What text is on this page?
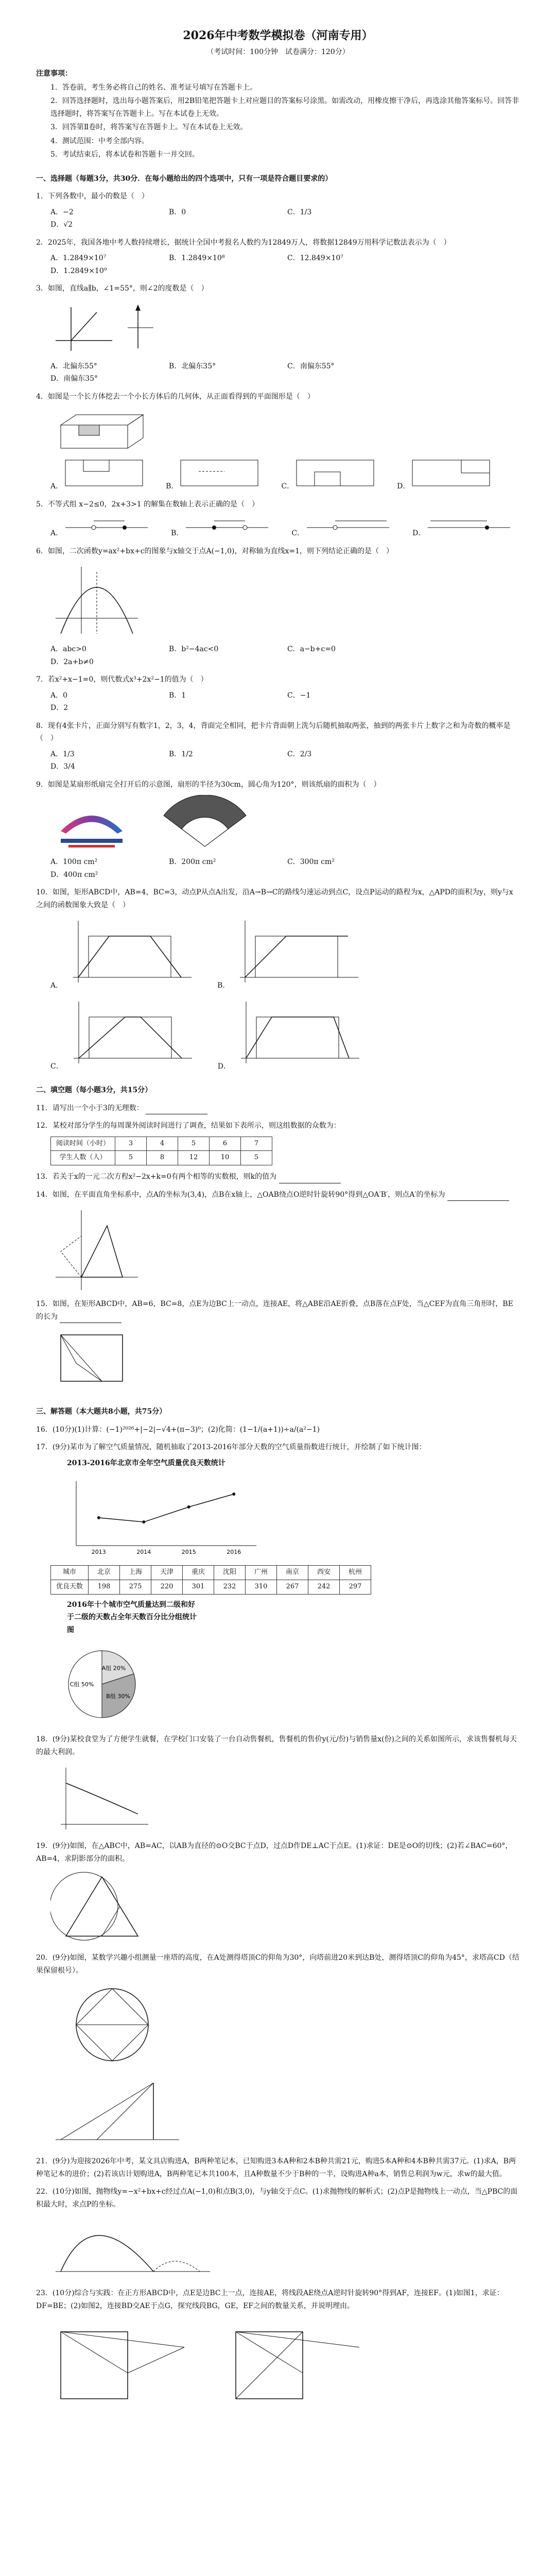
2026年中考数学模拟卷（河南专用）
（考试时间：100分钟　试卷满分：120分）
注意事项：

1．答卷前，考生务必将自己的姓名、准考证号填写在答题卡上。

2．回答选择题时，选出每小题答案后，用2B铅笔把答题卡上对应题目的答案标号涂黑。如需改动，用橡皮擦干净后，再选涂其他答案标号。回答非选择题时，将答案写在答题卡上。写在本试卷上无效。

3．回答第Ⅱ卷时，将答案写在答题卡上。写在本试卷上无效。

4．测试范围：中考全部内容。

5．考试结束后，将本试卷和答题卡一并交回。

一、选择题（每题3分，共30分．在每小题给出的四个选项中，只有一项是符合题目要求的）
1．下列各数中，最小的数是（　）
A．−2	B．0	C．1/3
D．√2
2．2025年，我国各地中考人数持续增长，据统计全国中考报名人数约为12849万人，将数据12849万用科学记数法表示为（　）
A．1.2849×10⁷	B．1.2849×10⁸	C．12.849×10⁷
D．1.2849×10⁹
3．如图，直线a∥b，∠1=55°，则∠2的度数是（　）
A．北偏东55°	B．北偏东35°	C．南偏东55°
D．南偏东35°
4．如图是一个长方体挖去一个小长方体后的几何体，从正面看得到的平面图形是（　）
A．	B．	C．	D．
5．不等式组 x−2≤0，2x+3>1 的解集在数轴上表示正确的是（　）
A．	B．	C．	D．
6．如图，二次函数y=ax²+bx+c的图象与x轴交于点A(−1,0)，对称轴为直线x=1，则下列结论正确的是（　）
A．abc>0	B．b²−4ac<0	C．a−b+c=0
D．2a+b≠0
7．若x²+x−1=0，则代数式x³+2x²−1的值为（　）
A．0	B．1	C．−1
D．2
8．现有4张卡片，正面分别写有数字1，2，3，4，背面完全相同，把卡片背面朝上洗匀后随机抽取两张，抽到的两张卡片上数字之和为奇数的概率是（　）
A．1/3	B．1/2	C．2/3
D．3/4
9．如图是某扇形纸扇完全打开后的示意图，扇形的半径为30cm，圆心角为120°，则该纸扇的面积为（　）
A．100π cm²	B．200π cm²	C．300π cm²
D．400π cm²
10．如图，矩形ABCD中，AB=4，BC=3，动点P从点A出发，沿A→B→C的路线匀速运动到点C，设点P运动的路程为x，△APD的面积为y，则y与x之间的函数图象大致是（　）
A．	B．
C．	D．
二、填空题（每小题3分，共15分）
11．请写出一个小于3的无理数：
12．某校对部分学生的每周课外阅读时间进行了调查，结果如下表所示，则这组数据的众数为：
阅读时间（小时）	3	4	5	6	7
学生人数（人）	5	8	12	10	5
13．若关于x的一元二次方程x²−2x+k=0有两个相等的实数根，则k的值为
14．如图，在平面直角坐标系中，点A的坐标为(3,4)，点B在x轴上，△OAB绕点O逆时针旋转90°得到△OA′B′，则点A′的坐标为
15．如图，在矩形ABCD中，AB=6，BC=8，点E为边BC上一动点，连接AE，将△ABE沿AE折叠，点B落在点F处，当△CEF为直角三角形时，BE的长为
三、解答题（本大题共8小题，共75分）
16．(10分)(1)计算：(−1)²⁰²⁶+|−2|−√4+(π−3)⁰；(2)化简：(1−1/(a+1))÷a/(a²−1)
17．(9分)某市为了解空气质量情况，随机抽取了2013-2016年部分天数的空气质量指数进行统计，并绘制了如下统计图：
2013-2016年北京市全年空气质量优良天数统计
2013	2014	2015	2016
城市	北京	上海	天津	重庆	沈阳	广州	南京	西安	杭州
优良天数	198	275	220	301	232	310	267	242	297
2016年十个城市空气质量达到二级和好于二级的天数占全年天数百分比分组统计图
A组 20%
B组 30%
C组 50%
18．(9分)某校食堂为了方便学生就餐，在学校门口安装了一台自动售餐机，售餐机的售价y(元/份)与销售量x(份)之间的关系如图所示，求该售餐机每天的最大利润。
19．(9分)如图，在△ABC中，AB=AC，以AB为直径的⊙O交BC于点D，过点D作DE⊥AC于点E。(1)求证：DE是⊙O的切线；(2)若∠BAC=60°，AB=4，求阴影部分的面积。
20．(9分)如图，某数学兴趣小组测量一座塔的高度，在A处测得塔顶C的仰角为30°，向塔前进20米到达B处，测得塔顶C的仰角为45°，求塔高CD（结果保留根号）。
21．(9分)为迎接2026年中考，某文具店购进A，B两种笔记本，已知购进3本A种和2本B种共需21元，购进5本A种和4本B种共需37元。(1)求A，B两种笔记本的进价；(2)若该店计划购进A，B两种笔记本共100本，且A种数量不少于B种的一半，设购进A种a本，销售总利润为w元，求w的最大值。
22．(10分)如图，抛物线y=−x²+bx+c经过点A(−1,0)和点B(3,0)，与y轴交于点C。(1)求抛物线的解析式；(2)点P是抛物线上一动点，当△PBC的面积最大时，求点P的坐标。
23．(10分)综合与实践：在正方形ABCD中，点E是边BC上一点，连接AE，将线段AE绕点A逆时针旋转90°得到AF，连接EF。(1)如图1，求证：DF=BE；(2)如图2，连接BD交AE于点G，探究线段BG，GE，EF之间的数量关系，并说明理由。
